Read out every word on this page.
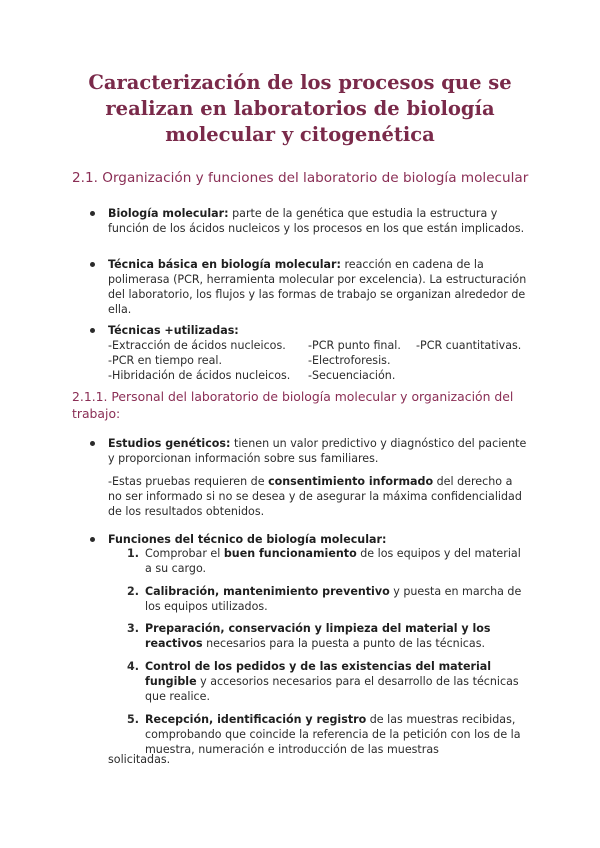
Caracterización de los procesos que se realizan en laboratorios de biología molecular y citogenética
2.1. Organización y funciones del laboratorio de biología molecular
Biología molecular: parte de la genética que estudia la estructura y función de los ácidos nucleicos y los procesos en los que están implicados.
Técnica básica en biología molecular: reacción en cadena de la polimerasa (PCR, herramienta molecular por excelencia). La estructuración del laboratorio, los flujos y las formas de trabajo se organizan alrededor de ella.
Técnicas +utilizadas:
-Extracción de ácidos nucleicos.	-PCR punto final.	-PCR cuantitativas.
-PCR en tiempo real.	-Electroforesis.
-Hibridación de ácidos nucleicos.	-Secuenciación.
2.1.1. Personal del laboratorio de biología molecular y organización del trabajo:
Estudios genéticos: tienen un valor predictivo y diagnóstico del paciente y proporcionan información sobre sus familiares.
-Estas pruebas requieren de consentimiento informado del derecho a no ser informado si no se desea y de asegurar la máxima confidencialidad de los resultados obtenidos.
Funciones del técnico de biología molecular:
1. Comprobar el buen funcionamiento de los equipos y del material a su cargo.
2. Calibración, mantenimiento preventivo y puesta en marcha de los equipos utilizados.
3. Preparación, conservación y limpieza del material y los reactivos necesarios para la puesta a punto de las técnicas.
4. Control de los pedidos y de las existencias del material fungible y accesorios necesarios para el desarrollo de las técnicas que realice.
5. Recepción, identificación y registro de las muestras recibidas, comprobando que coincide la referencia de la petición con los de la muestra, numeración e introducción de las muestras
solicitadas.
